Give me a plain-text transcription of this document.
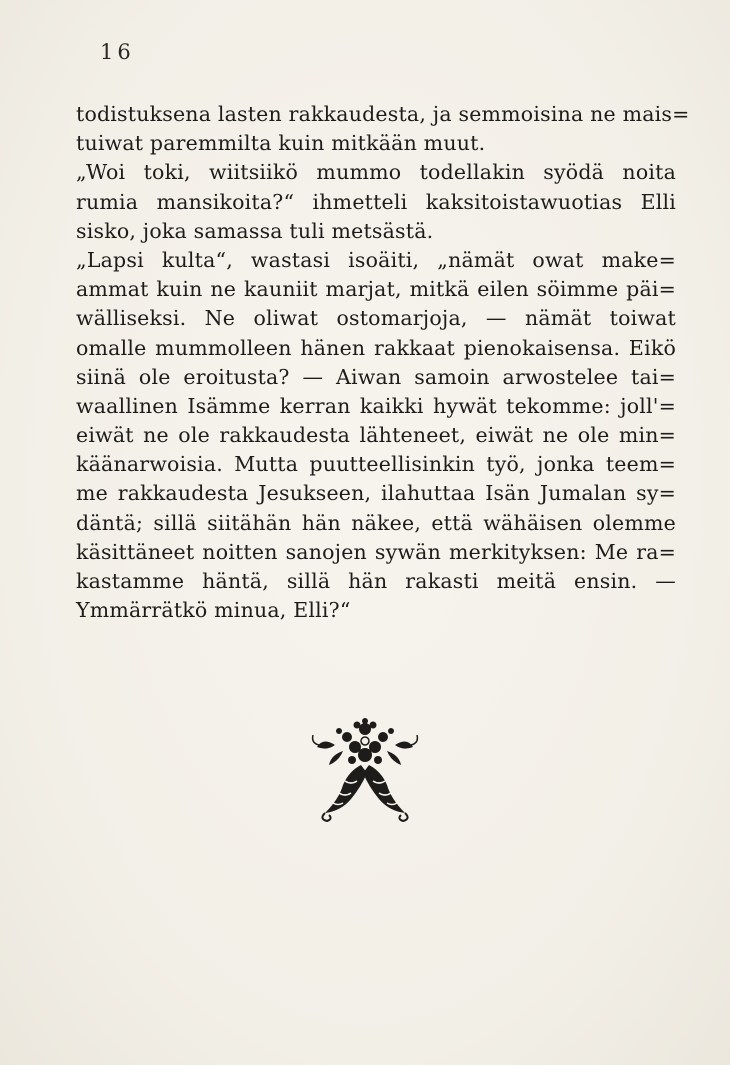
16
todistuksena lasten rakkaudesta, ja semmoisina ne mais=
tuiwat paremmilta kuin mitkään muut.
„Woi toki, wiitsiikö mummo todellakin syödä noita
rumia mansikoita?“ ihmetteli kaksitoistawuotias Elli
sisko, joka samassa tuli metsästä.
„Lapsi kulta“, wastasi isoäiti, „nämät owat make=
ammat kuin ne kauniit marjat, mitkä eilen söimme päi=
wälliseksi. Ne oliwat ostomarjoja, — nämät toiwat
omalle mummolleen hänen rakkaat pienokaisensa. Eikö
siinä ole eroitusta? — Aiwan samoin arwostelee tai=
waallinen Isämme kerran kaikki hywät tekomme: joll'=
eiwät ne ole rakkaudesta lähteneet, eiwät ne ole min=
käänarwoisia. Mutta puutteellisinkin työ, jonka teem=
me rakkaudesta Jesukseen, ilahuttaa Isän Jumalan sy=
däntä; sillä siitähän hän näkee, että wähäisen olemme
käsittäneet noitten sanojen sywän merkityksen: Me ra=
kastamme häntä, sillä hän rakasti meitä ensin. —
Ymmärrätkö minua, Elli?“
